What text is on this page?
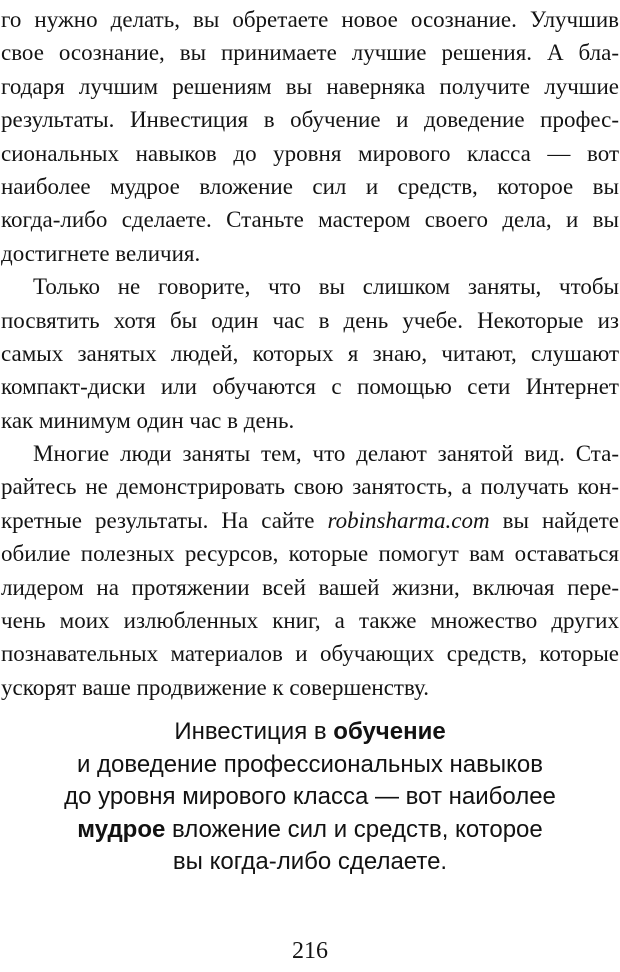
го нужно делать, вы обретаете новое осознание. Улучшив
свое осознание, вы принимаете лучшие решения. А бла-
годаря лучшим решениям вы наверняка получите лучшие
результаты. Инвестиция в обучение и доведение профес-
сиональных навыков до уровня мирового класса — вот
наиболее мудрое вложение сил и средств, которое вы
когда-либо сделаете. Станьте мастером своего дела, и вы
достигнете величия.
Только не говорите, что вы слишком заняты, чтобы
посвятить хотя бы один час в день учебе. Некоторые из
самых занятых людей, которых я знаю, читают, слушают
компакт-диски или обучаются с помощью сети Интернет
как минимум один час в день.
Многие люди заняты тем, что делают занятой вид. Ста-
райтесь не демонстрировать свою занятость, а получать кон-
кретные результаты. На сайте robinsharma.com вы найдете
обилие полезных ресурсов, которые помогут вам оставаться
лидером на протяжении всей вашей жизни, включая пере-
чень моих излюбленных книг, а также множество других
познавательных материалов и обучающих средств, которые
ускорят ваше продвижение к совершенству.
Инвестиция в обучение
и доведение профессиональных навыков
до уровня мирового класса — вот наиболее
мудрое вложение сил и средств, которое
вы когда-либо сделаете.
216
